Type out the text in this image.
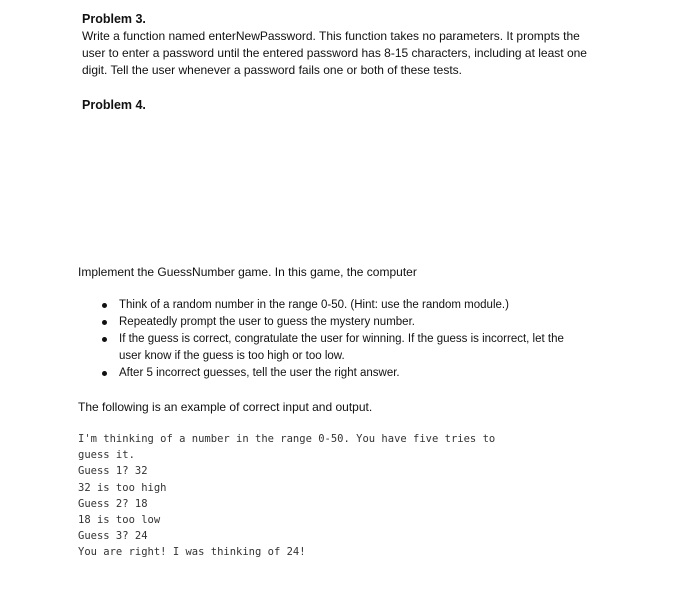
Problem 3.

Write a function named enterNewPassword. This function takes no parameters. It prompts the
user to enter a password until the entered password has 8-15 characters, including at least one
digit. Tell the user whenever a password fails one or both of these tests.

Problem 4.

Implement the GuessNumber game. In this game, the computer

Think of a random number in the range 0-50. (Hint: use the random module.)
Repeatedly prompt the user to guess the mystery number.
If the guess is correct, congratulate the user for winning. If the guess is incorrect, let the
user know if the guess is too high or too low.
After 5 incorrect guesses, tell the user the right answer.

The following is an example of correct input and output.

I'm thinking of a number in the range 0-50. You have five tries to
guess it.
Guess 1? 32
32 is too high
Guess 2? 18
18 is too low
Guess 3? 24
You are right! I was thinking of 24!
